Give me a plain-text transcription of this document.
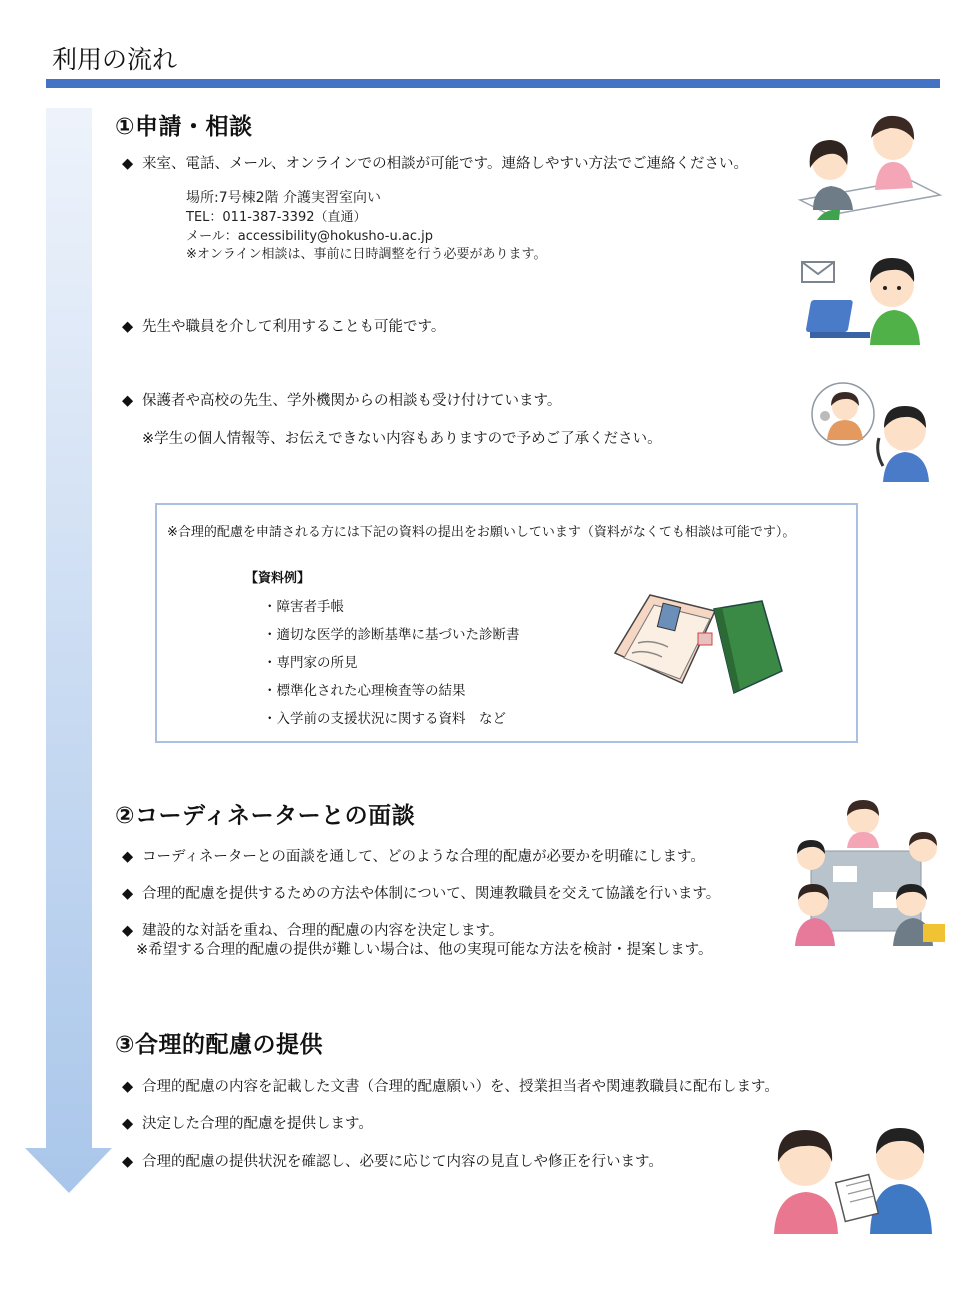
利用の流れ
①申請・相談
◆ 来室、電話、メール、オンラインでの相談が可能です。連絡しやすい方法でご連絡ください。
場所:7号棟2階 介護実習室向い
TEL：011-387-3392（直通）
メール：accessibility@hokusho-u.ac.jp
※オンライン相談は、事前に日時調整を行う必要があります。
◆ 先生や職員を介して利用することも可能です。
◆ 保護者や高校の先生、学外機関からの相談も受け付けています。
※学生の個人情報等、お伝えできない内容もありますので予めご了承ください。
※合理的配慮を申請される方には下記の資料の提出をお願いしています（資料がなくても相談は可能です）。
【資料例】
・障害者手帳
・適切な医学的診断基準に基づいた診断書
・専門家の所見
・標準化された心理検査等の結果
・入学前の支援状況に関する資料　など
②コーディネーターとの面談
◆ コーディネーターとの面談を通して、どのような合理的配慮が必要かを明確にします。
◆ 合理的配慮を提供するための方法や体制について、関連教職員を交えて協議を行います。
◆ 建設的な対話を重ね、合理的配慮の内容を決定します。
※希望する合理的配慮の提供が難しい場合は、他の実現可能な方法を検討・提案します。
③合理的配慮の提供
◆ 合理的配慮の内容を記載した文書（合理的配慮願い）を、授業担当者や関連教職員に配布します。
◆ 決定した合理的配慮を提供します。
◆ 合理的配慮の提供状況を確認し、必要に応じて内容の見直しや修正を行います。
